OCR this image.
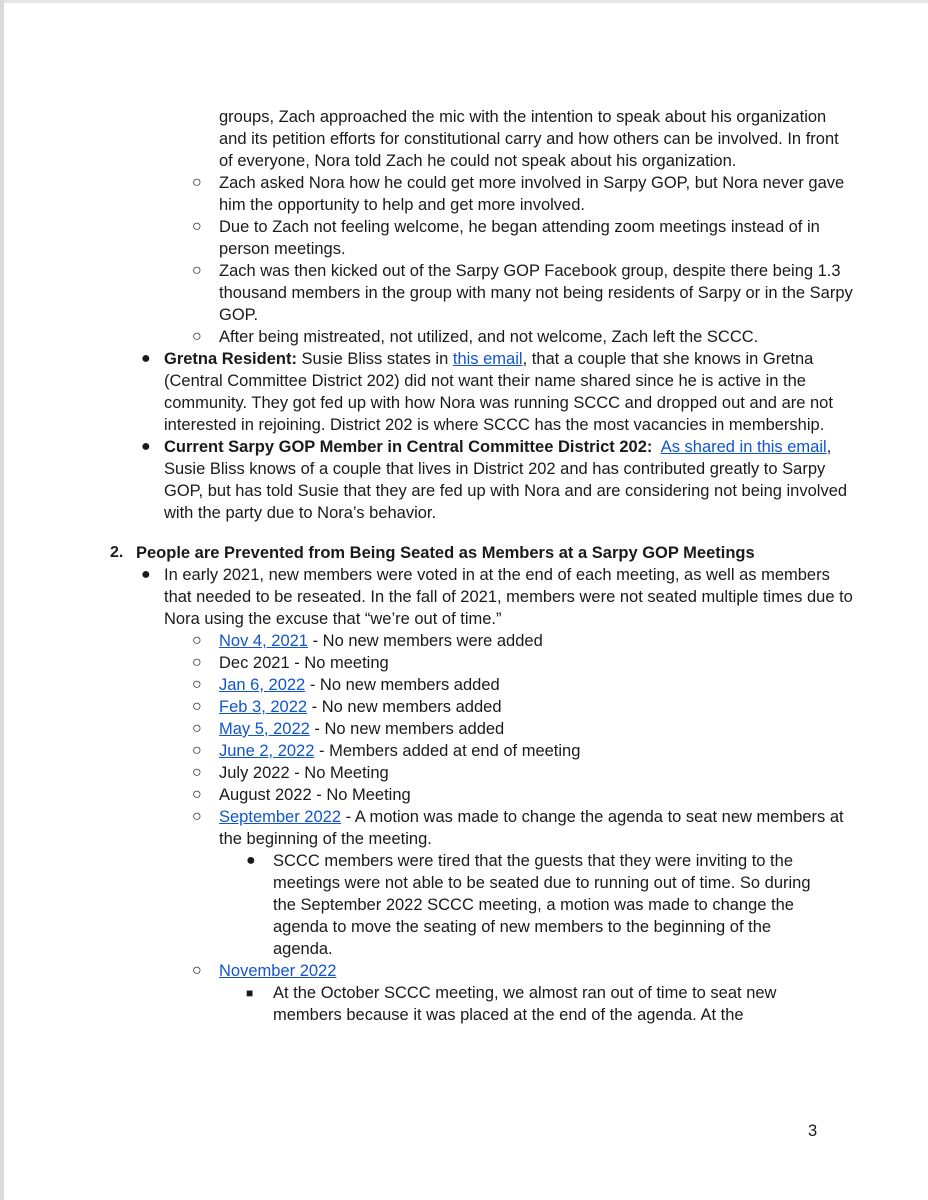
groups, Zach approached the mic with the intention to speak about his organization and its petition efforts for constitutional carry and how others can be involved. In front of everyone, Nora told Zach he could not speak about his organization.
○ Zach asked Nora how he could get more involved in Sarpy GOP, but Nora never gave him the opportunity to help and get more involved.
○ Due to Zach not feeling welcome, he began attending zoom meetings instead of in person meetings.
○ Zach was then kicked out of the Sarpy GOP Facebook group, despite there being 1.3 thousand members in the group with many not being residents of Sarpy or in the Sarpy GOP.
○ After being mistreated, not utilized, and not welcome, Zach left the SCCC.
● Gretna Resident: Susie Bliss states in this email, that a couple that she knows in Gretna (Central Committee District 202) did not want their name shared since he is active in the community. They got fed up with how Nora was running SCCC and dropped out and are not interested in rejoining. District 202 is where SCCC has the most vacancies in membership.
● Current Sarpy GOP Member in Central Committee District 202: As shared in this email, Susie Bliss knows of a couple that lives in District 202 and has contributed greatly to Sarpy GOP, but has told Susie that they are fed up with Nora and are considering not being involved with the party due to Nora’s behavior.
2. People are Prevented from Being Seated as Members at a Sarpy GOP Meetings
● In early 2021, new members were voted in at the end of each meeting, as well as members that needed to be reseated. In the fall of 2021, members were not seated multiple times due to Nora using the excuse that “we’re out of time.”
○ Nov 4, 2021 - No new members were added
○ Dec 2021 - No meeting
○ Jan 6, 2022 - No new members added
○ Feb 3, 2022 - No new members added
○ May 5, 2022 - No new members added
○ June 2, 2022 - Members added at end of meeting
○ July 2022 - No Meeting
○ August 2022 - No Meeting
○ September 2022 - A motion was made to change the agenda to seat new members at the beginning of the meeting.
● SCCC members were tired that the guests that they were inviting to the meetings were not able to be seated due to running out of time. So during the September 2022 SCCC meeting, a motion was made to change the agenda to move the seating of new members to the beginning of the agenda.
○ November 2022
■ At the October SCCC meeting, we almost ran out of time to seat new members because it was placed at the end of the agenda. At the
3
